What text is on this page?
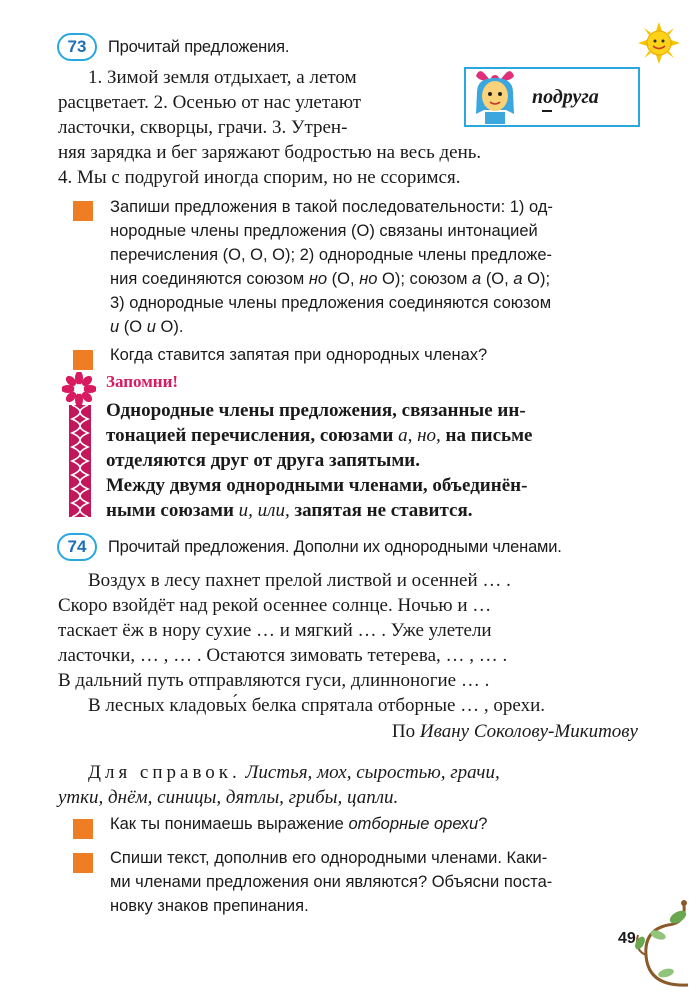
73	Прочитай предложения.
1. Зимой земля отдыхает, а летом
расцветает. 2. Осенью от нас улетают
ласточки, скворцы, грачи. 3. Утрен-
няя зарядка и бег заряжают бодростью на весь день.
4. Мы с подругой иногда спорим, но не ссоримся.
подруга
Запиши предложения в такой последовательности: 1) од-
нородные члены предложения (О) связаны интонацией
перечисления (О, О, О); 2) однородные члены предложе-
ния соединяются союзом но (О, но О); союзом а (О, а О);
3) однородные члены предложения соединяются союзом
и (О и О).
Когда ставится запятая при однородных членах?
Запомни!
Однородные члены предложения, связанные ин-
тонацией перечисления, союзами а, но, на письме
отделяются друг от друга запятыми.
Между двумя однородными членами, объединён-
ными союзами и, или, запятая не ставится.
74	Прочитай предложения. Дополни их однородными членами.
Воздух в лесу пахнет прелой листвой и осенней … .
Скоро взойдёт над рекой осеннее солнце. Ночью и …
таскает ёж в нору сухие … и мягкий … . Уже улетели
ласточки, … , … . Остаются зимовать тетерева, … , … .
В дальний путь отправляются гуси, длинноногие … .
В лесных кладовы́х белка спрятала отборные … , орехи.
По Ивану Соколову-Микитову
Для справок. Листья, мох, сыростью, грачи,
утки, днём, синицы, дятлы, грибы, цапли.
Как ты понимаешь выражение отборные орехи?
Спиши текст, дополнив его однородными членами. Каки-
ми членами предложения они являются? Объясни поста-
новку знаков препинания.
49
